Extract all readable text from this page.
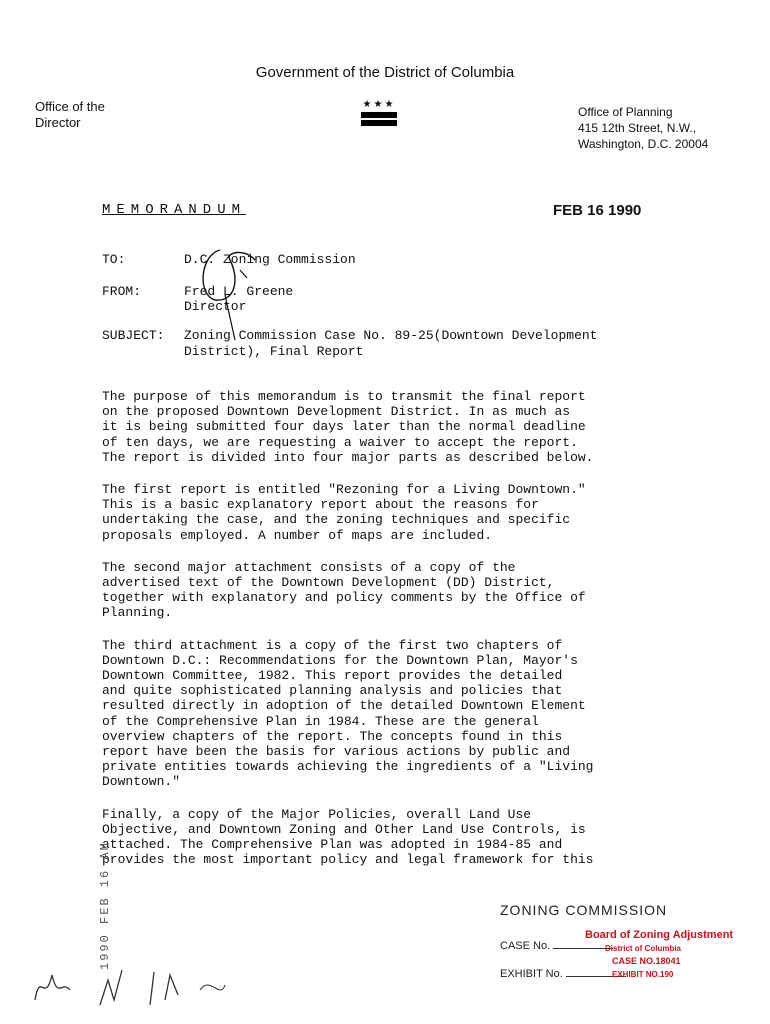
Government of the District of Columbia
Office of the
Director
★★★
Office of Planning
415 12th Street, N.W.,
Washington, D.C. 20004
MEMORANDUM	FEB 16 1990
TO:	D.C. Zoning Commission
FROM:	Fred L. Greene
Director
SUBJECT: Zoning Commission Case No. 89-25(Downtown Development
District), Final Report

The purpose of this memorandum is to transmit the final report
on the proposed Downtown Development District. In as much as
it is being submitted four days later than the normal deadline
of ten days, we are requesting a waiver to accept the report.
The report is divided into four major parts as described below.

The first report is entitled "Rezoning for a Living Downtown."
This is a basic explanatory report about the reasons for
undertaking the case, and the zoning techniques and specific
proposals employed. A number of maps are included.

The second major attachment consists of a copy of the
advertised text of the Downtown Development (DD) District,
together with explanatory and policy comments by the Office of
Planning.

The third attachment is a copy of the first two chapters of
Downtown D.C.: Recommendations for the Downtown Plan, Mayor's
Downtown Committee, 1982. This report provides the detailed
and quite sophisticated planning analysis and policies that
resulted directly in adoption of the detailed Downtown Element
of the Comprehensive Plan in 1984. These are the general
overview chapters of the report. The concepts found in this
report have been the basis for various actions by public and
private entities towards achieving the ingredients of a "Living
Downtown."

Finally, a copy of the Major Policies, overall Land Use
Objective, and Downtown Zoning and Other Land Use Controls, is
attached. The Comprehensive Plan was adopted in 1984-85 and
provides the most important policy and legal framework for this

1990 FEB 16 AM	ZONING COMMISSION
CASE No.
EXHIBIT No.
Board of Zoning Adjustment
District of Columbia
CASE NO.18041
EXHIBIT NO.190
